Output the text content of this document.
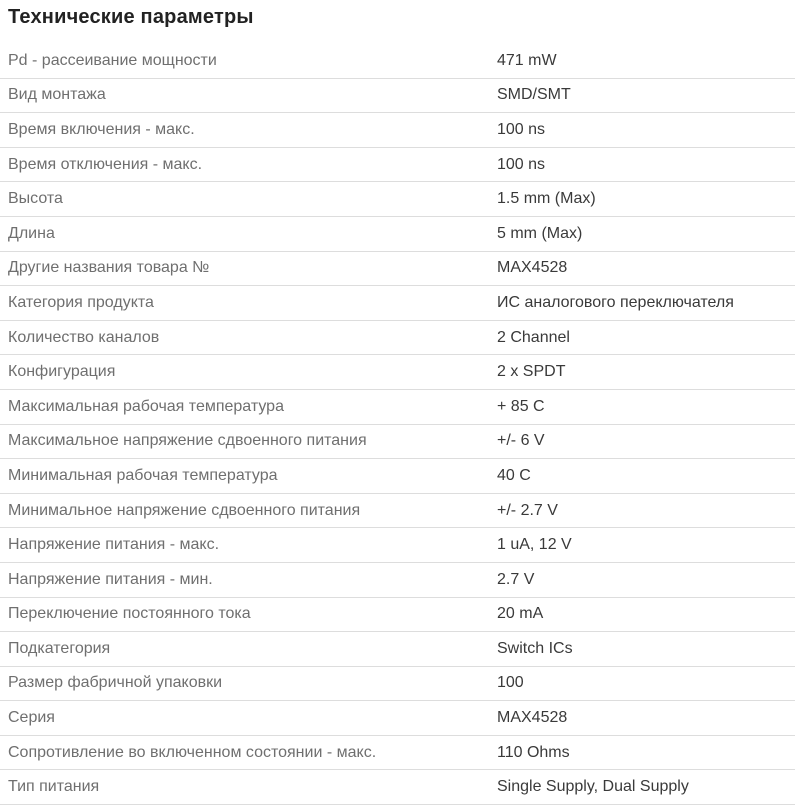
Технические параметры
Pd - рассеивание мощности	471 mW
Вид монтажа	SMD/SMT
Время включения - макс.	100 ns
Время отключения - макс.	100 ns
Высота	1.5 mm (Max)
Длина	5 mm (Max)
Другие названия товара №	MAX4528
Категория продукта	ИС аналогового переключателя
Количество каналов	2 Channel
Конфигурация	2 x SPDT
Максимальная рабочая температура	+ 85 C
Максимальное напряжение сдвоенного питания	+/- 6 V
Минимальная рабочая температура	40 C
Минимальное напряжение сдвоенного питания	+/- 2.7 V
Напряжение питания - макс.	1 uA, 12 V
Напряжение питания - мин.	2.7 V
Переключение постоянного тока	20 mA
Подкатегория	Switch ICs
Размер фабричной упаковки	100
Серия	MAX4528
Сопротивление во включенном состоянии - макс.	110 Ohms
Тип питания	Single Supply, Dual Supply
